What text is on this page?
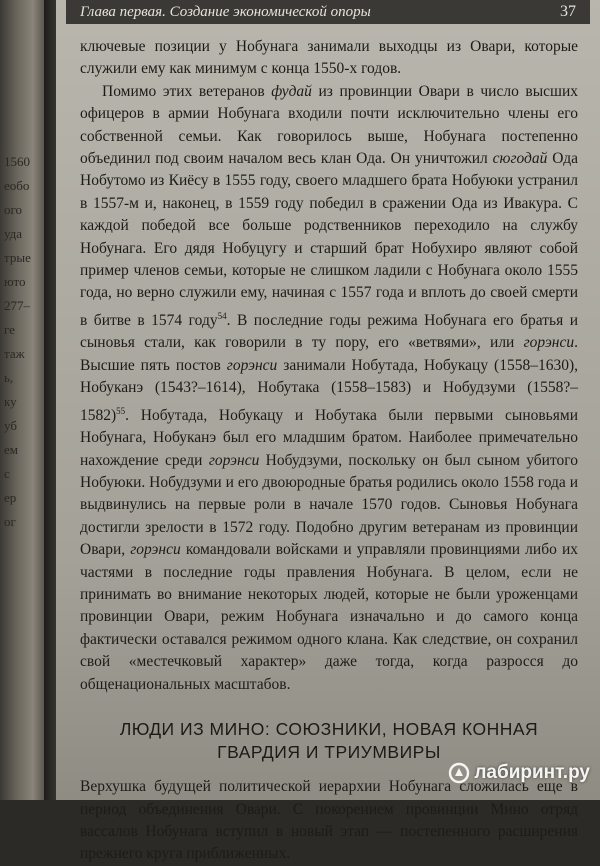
1560
еобо
ого
уда
трые
юто
277–
ге
таж
ь,
ку
уб
ем
с
ер
ог
Глава первая. Создание экономической опоры	37

ключевые позиции у Нобунага занимали выходцы из Овари, которые служили ему как минимум с конца 1550-х годов.

Помимо этих ветеранов фудай из провинции Овари в число высших офицеров в армии Нобунага входили почти исключительно члены его собственной семьи. Как говорилось выше, Нобунага постепенно объединил под своим началом весь клан Ода. Он уничтожил сюгодай Ода Нобутомо из Киёсу в 1555 году, своего младшего брата Нобуюки устранил в 1557-м и, наконец, в 1559 году победил в сражении Ода из Ивакура. С каждой победой все больше родственников переходило на службу Нобунага. Его дядя Нобуцугу и старший брат Нобухиро являют собой пример членов семьи, которые не слишком ладили с Нобунага около 1555 года, но верно служили ему, начиная с 1557 года и вплоть до своей смерти в битве в 1574 году$^{54}$. В последние годы режима Нобунага его братья и сыновья стали, как говорили в ту пору, его «ветвями», или горэнси. Высшие пять постов горэнси занимали Нобутада, Нобукацу (1558–1630), Нобуканэ (1543?–1614), Нобутака (1558–1583) и Нобудзуми (1558?–1582)$^{55}$. Нобутада, Нобукацу и Нобутака были первыми сыновьями Нобунага, Нобуканэ был его младшим братом. Наиболее примечательно нахождение среди горэнси Нобудзуми, поскольку он был сыном убитого Нобуюки. Нобудзуми и его двоюродные братья родились около 1558 года и выдвинулись на первые роли в начале 1570 годов. Сыновья Нобунага достигли зрелости в 1572 году. Подобно другим ветеранам из провинции Овари, горэнси командовали войсками и управляли провинциями либо их частями в последние годы правления Нобунага. В целом, если не принимать во внимание некоторых людей, которые не были уроженцами провинции Овари, режим Нобунага изначально и до самого конца фактически оставался режимом одного клана. Как следствие, он сохранил свой «местечковый характер» даже тогда, когда разросся до общенациональных масштабов.

ЛЮДИ ИЗ МИНО: СОЮЗНИКИ, НОВАЯ КОННАЯ
ГВАРДИЯ И ТРИУМВИРЫ

Верхушка будущей политической иерархии Нобунага сложилась еще в период объединения Овари. С покорением провинции Мино отряд вассалов Нобунага вступил в новый этап — постепенного расширения прежнего круга приближенных.

лабиринт.ру
